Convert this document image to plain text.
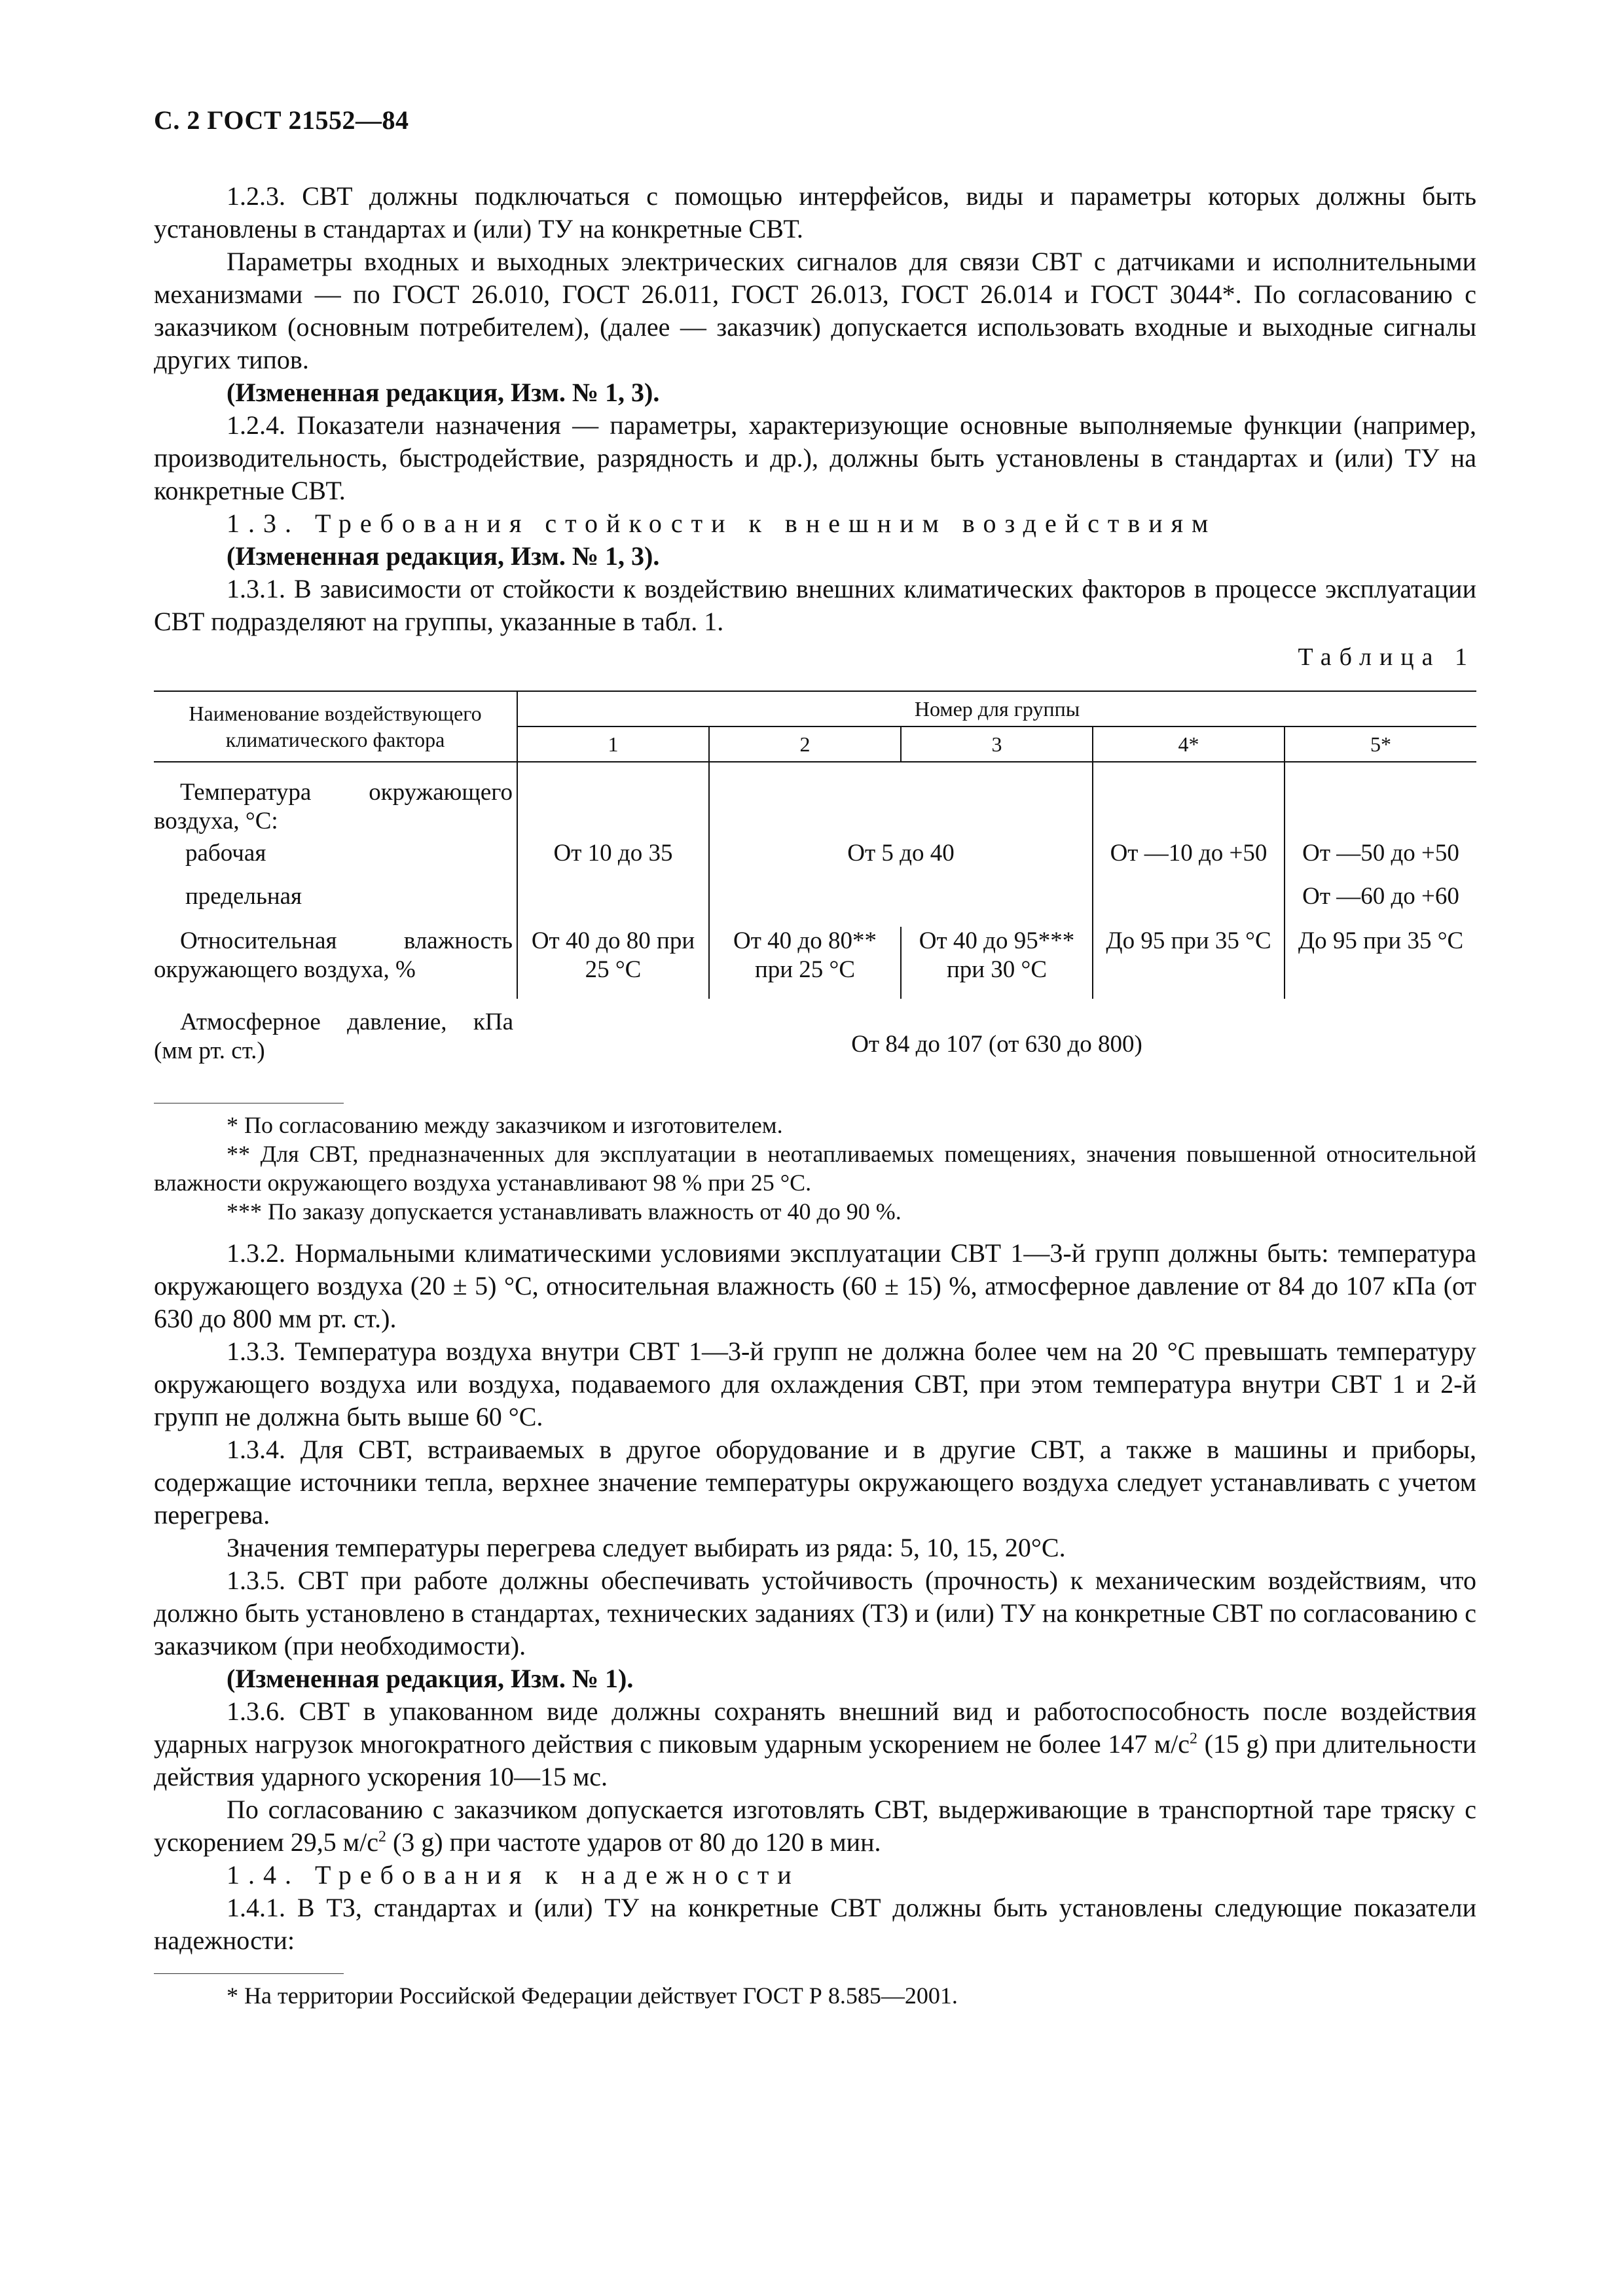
С. 2 ГОСТ 21552—84

1.2.3. СВТ должны подключаться с помощью интерфейсов, виды и параметры которых должны быть установлены в стандартах и (или) ТУ на конкретные СВТ.

Параметры входных и выходных электрических сигналов для связи СВТ с датчиками и исполнительными механизмами — по ГОСТ 26.010, ГОСТ 26.011, ГОСТ 26.013, ГОСТ 26.014 и ГОСТ 3044*. По согласованию с заказчиком (основным потребителем), (далее — заказчик) допускается использовать входные и выходные сигналы других типов.

(Измененная редакция, Изм. № 1, 3).

1.2.4. Показатели назначения — параметры, характеризующие основные выполняемые функции (например, производительность, быстродействие, разрядность и др.), должны быть установлены в стандартах и (или) ТУ на конкретные СВТ.

1.3. Требования стойкости к внешним воздействиям

(Измененная редакция, Изм. № 1, 3).

1.3.1. В зависимости от стойкости к воздействию внешних климатических факторов в процессе эксплуатации СВТ подразделяют на группы, указанные в табл. 1.

Таблица 1
Наименование воздействующего климатического фактора	Номер для группы				
	1	2	3	4*	5*

Температура окружающего воздуха, °С:					

рабочая	От 10 до 35	От 5 до 40		От —10 до +50	От —50 до +50
предельная					От —60 до +60

Относительная влажность окружающего воздуха, %	От 40 до 80 при 25 °С	От 40 до 80** при 25 °С	От 40 до 95*** при 30 °С	До 95 при 35 °С	До 95 при 35 °С

Атмосферное давление, кПа (мм рт. ст.)	От 84 до 107 (от 630 до 800)				

* По согласованию между заказчиком и изготовителем.

** Для СВТ, предназначенных для эксплуатации в неотапливаемых помещениях, значения повышенной относительной влажности окружающего воздуха устанавливают 98 % при 25 °С.

*** По заказу допускается устанавливать влажность от 40 до 90 %.

1.3.2. Нормальными климатическими условиями эксплуатации СВТ 1—3-й групп должны быть: температура окружающего воздуха (20 ± 5) °С, относительная влажность (60 ± 15) %, атмосферное давление от 84 до 107 кПа (от 630 до 800 мм рт. ст.).

1.3.3. Температура воздуха внутри СВТ 1—3-й групп не должна более чем на 20 °С превышать температуру окружающего воздуха или воздуха, подаваемого для охлаждения СВТ, при этом температура внутри СВТ 1 и 2-й групп не должна быть выше 60 °С.

1.3.4. Для СВТ, встраиваемых в другое оборудование и в другие СВТ, а также в машины и приборы, содержащие источники тепла, верхнее значение температуры окружающего воздуха следует устанавливать с учетом перегрева.

Значения температуры перегрева следует выбирать из ряда: 5, 10, 15, 20°С.

1.3.5. СВТ при работе должны обеспечивать устойчивость (прочность) к механическим воздействиям, что должно быть установлено в стандартах, технических заданиях (ТЗ) и (или) ТУ на конкретные СВТ по согласованию с заказчиком (при необходимости).

(Измененная редакция, Изм. № 1).

1.3.6. СВТ в упакованном виде должны сохранять внешний вид и работоспособность после воздействия ударных нагрузок многократного действия с пиковым ударным ускорением не более 147 $м/с^2$ (15 g) при длительности действия ударного ускорения 10—15 мс.

По согласованию с заказчиком допускается изготовлять СВТ, выдерживающие в транспортной таре тряску с ускорением 29,5 $м/с^2$ (3 g) при частоте ударов от 80 до 120 в мин.

1.4. Требования к надежности

1.4.1. В ТЗ, стандартах и (или) ТУ на конкретные СВТ должны быть установлены следующие показатели надежности:

* На территории Российской Федерации действует ГОСТ Р 8.585—2001.
